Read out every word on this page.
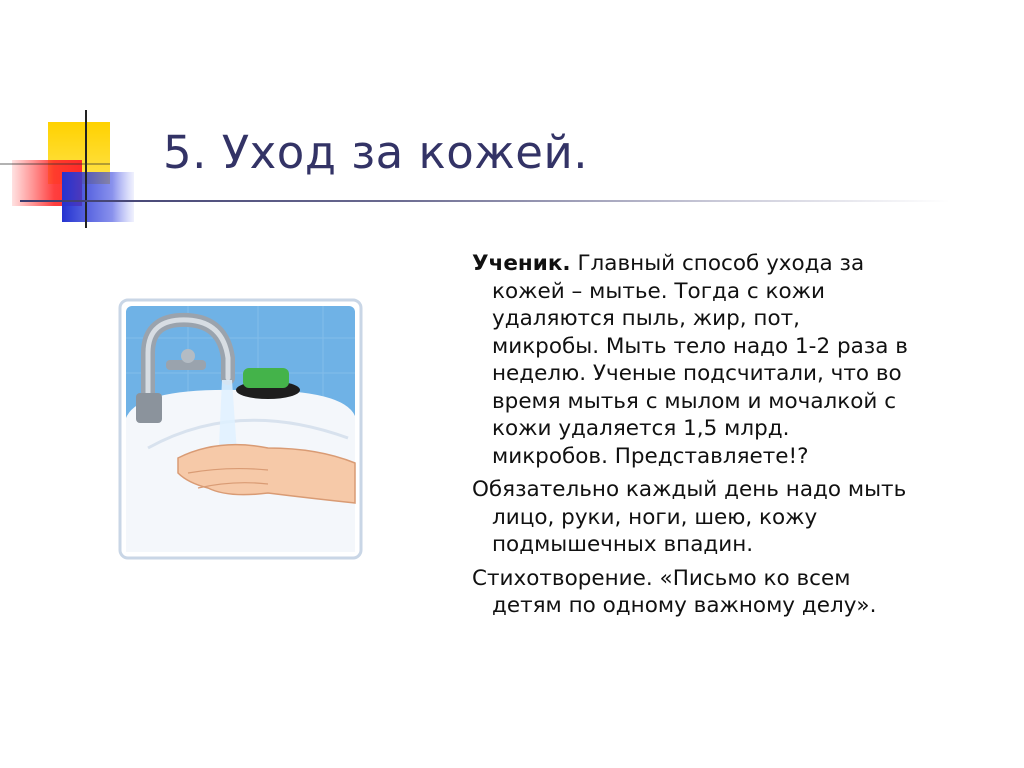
5. Уход за кожей.

Ученик. Главный способ ухода за кожей – мытье. Тогда с кожи удаляются пыль, жир, пот, микробы. Мыть тело надо 1-2 раза в неделю. Ученые подсчитали, что во время мытья с мылом и мочалкой с кожи удаляется 1,5 млрд. микробов. Представляете!?

Обязательно каждый день надо мыть лицо, руки, ноги, шею, кожу подмышечных впадин.

Стихотворение. «Письмо ко всем детям по одному важному делу».
